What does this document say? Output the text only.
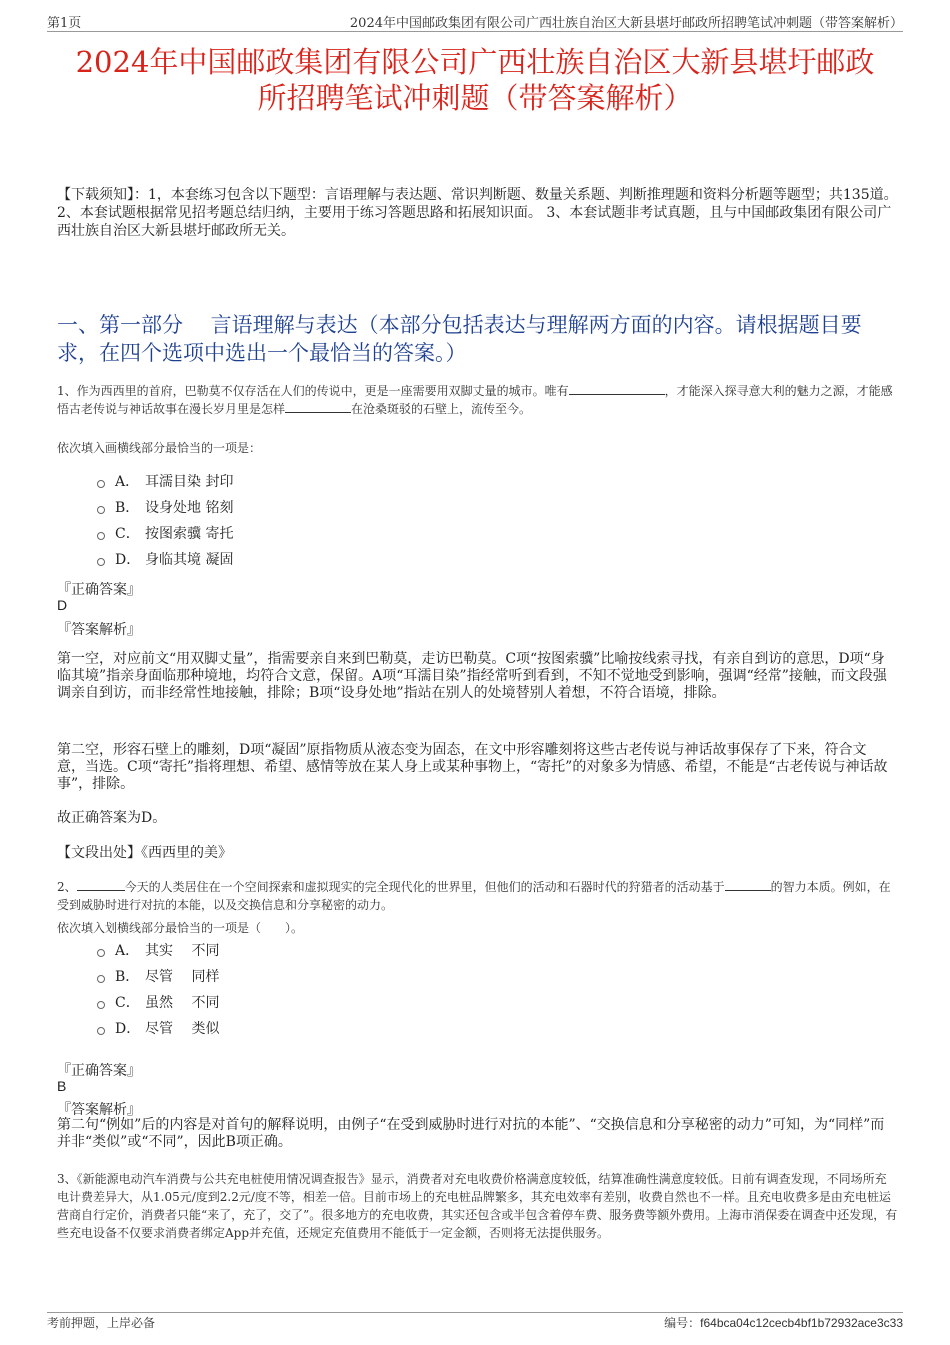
第1页	2024年中国邮政集团有限公司广西壮族自治区大新县堪圩邮政所招聘笔试冲刺题（带答案解析）
2024年中国邮政集团有限公司广西壮族自治区大新县堪圩邮政
所招聘笔试冲刺题（带答案解析）
【下载须知】：1，本套练习包含以下题型：言语理解与表达题、常识判断题、数量关系题、判断推理题和资料分析题等题型；共135道。 2、本套试题根据常见招考题总结归纳，主要用于练习答题思路和拓展知识面。 3、本套试题非考试真题，且与中国邮政集团有限公司广西壮族自治区大新县堪圩邮政所无关。
一、第一部分　 言语理解与表达（本部分包括表达与理解两方面的内容。请根据题目要求，在四个选项中选出一个最恰当的答案。）
1、作为西西里的首府，巴勒莫不仅存活在人们的传说中，更是一座需要用双脚丈量的城市。唯有	，才能深入探寻意大利的魅力之源，才能感悟古老传说与神话故事在漫长岁月里是怎样	在沧桑斑驳的石壁上，流传至今。
依次填入画横线部分最恰当的一项是：
A． 耳濡目染 封印
B． 设身处地 铭刻
C． 按图索骥 寄托
D． 身临其境 凝固
『正确答案』
D
『答案解析』

第一空，对应前文“用双脚丈量”，指需要亲自来到巴勒莫，走访巴勒莫。C项“按图索骥”比喻按线索寻找，有亲自到访的意思，D项“身临其境”指亲身面临那种境地，均符合文意，保留。A项“耳濡目染”指经常听到看到，不知不觉地受到影响，强调“经常”接触，而文段强调亲自到访，而非经常性地接触，排除；B项“设身处地”指站在别人的处境替别人着想，不符合语境，排除。

第二空，形容石壁上的雕刻，D项“凝固”原指物质从液态变为固态，在文中形容雕刻将这些古老传说与神话故事保存了下来，符合文意，当选。C项“寄托”指将理想、希望、感情等放在某人身上或某种事物上，“寄托”的对象多为情感、希望，不能是“古老传说与神话故事”，排除。

故正确答案为D。

【文段出处】《西西里的美》

2、	今天的人类居住在一个空间探索和虚拟现实的完全现代化的世界里，但他们的活动和石器时代的狩猎者的活动基于	的智力本质。例如，在受到威胁时进行对抗的本能，以及交换信息和分享秘密的动力。
依次填入划横线部分最恰当的一项是（　　）。
A． 其实　 不同
B． 尽管　 同样
C． 虽然　 不同
D． 尽管　 类似
『正确答案』
B
『答案解析』

第二句“例如”后的内容是对首句的解释说明，由例子“在受到威胁时进行对抗的本能”、“交换信息和分享秘密的动力”可知，为“同样”而并非“类似”或“不同”，因此B项正确。

3、《新能源电动汽车消费与公共充电桩使用情况调查报告》显示，消费者对充电收费价格满意度较低，结算准确性满意度较低。日前有调查发现，不同场所充电计费差异大，从1.05元/度到2.2元/度不等，相差一倍。目前市场上的充电桩品牌繁多，其充电效率有差别，收费自然也不一样。且充电收费多是由充电桩运营商自行定价，消费者只能“来了，充了，交了”。很多地方的充电收费，其实还包含或半包含着停车费、服务费等额外费用。上海市消保委在调查中还发现，有些充电设备不仅要求消费者绑定App并充值，还规定充值费用不能低于一定金额，否则将无法提供服务。
考前押题，上岸必备	编号：f64bca04c12cecb4bf1b72932ace3c33
